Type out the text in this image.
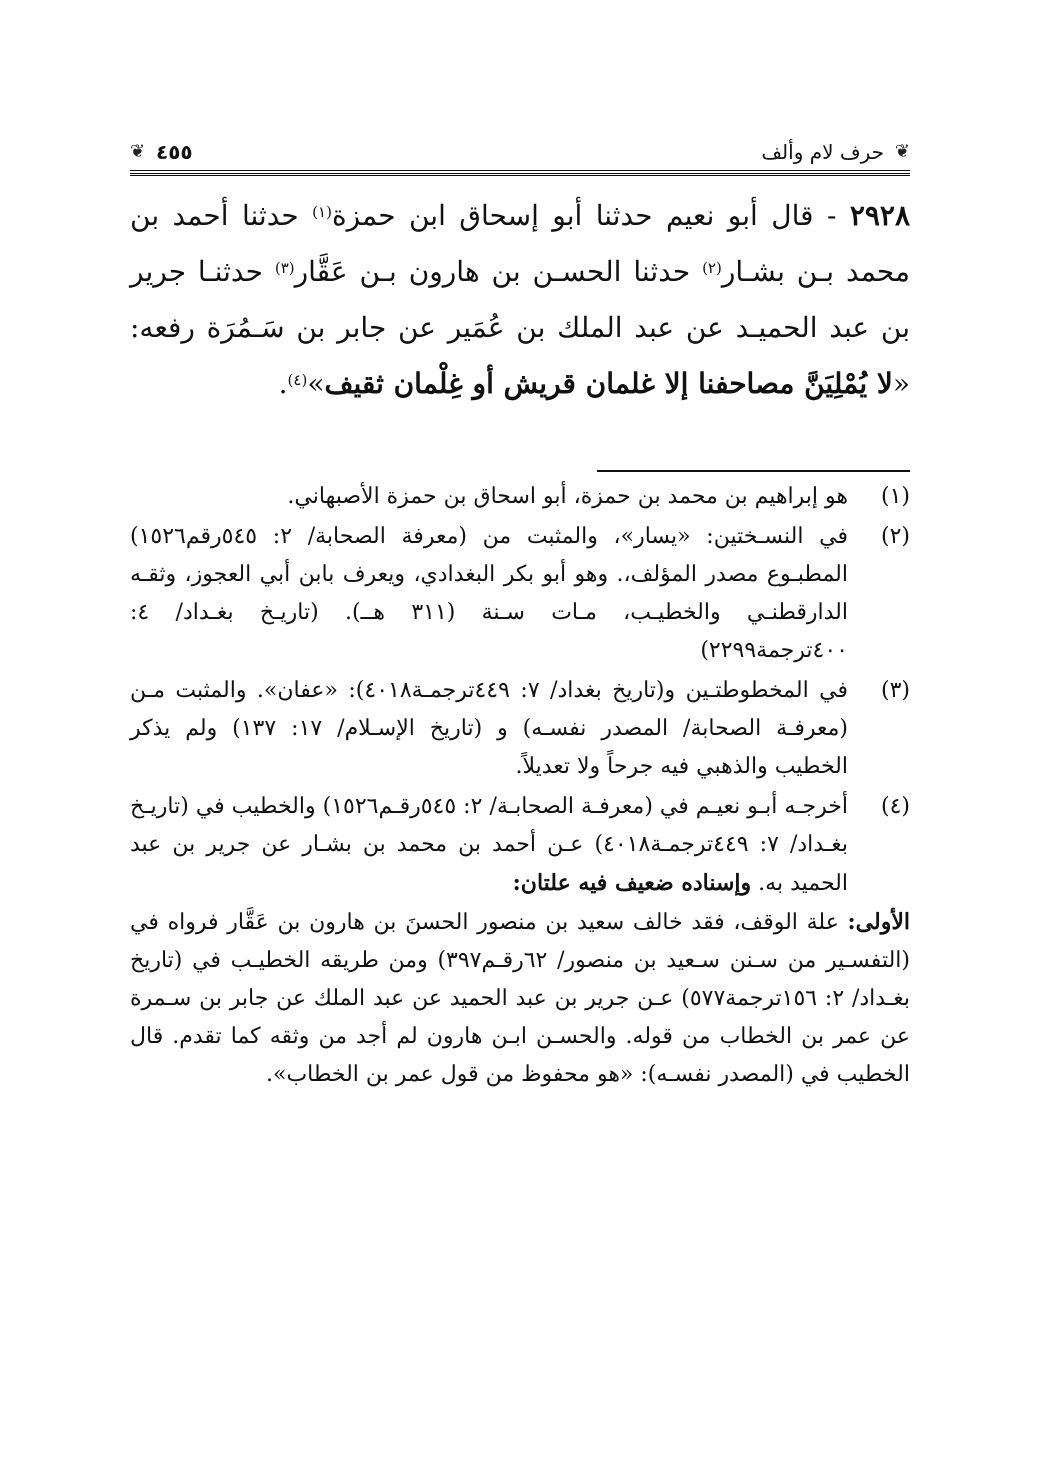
❦
حرف لام وألف
٤٥٥
❦
٢٩٢٨ - قال أبو نعيم حدثنا أبو إسحاق ابن حمزة$^{(١)}$ حدثنا أحمد بن محمد بـن بشـار$^{(٢)}$ حدثنا الحسـن بن هارون بـن عَقَّار$^{(٣)}$ حدثنـا جرير بن عبد الحميـد عن عبد الملك بن عُمَير عن جابر بن سَـمُرَة رفعه: «لا يُمْلِيَنَّ مصاحفنا إلا غلمان قريش أو غِلْمان ثقيف»$^{(٤)}$.
(١)
هو إبراهيم بن محمد بن حمزة، أبو اسحاق بن حمزة الأصبهاني.
(٢)
في النسـختين: «يسار»، والمثبت من (معرفة الصحابة/ ٢: ٥٤٥رقم١٥٢٦) المطبـوع مصدر المؤلف،. وهو أبو بكر البغدادي، ويعرف بابن أبي العجوز، وثقـه الدارقطنـي والخطيـب، مـات سـنة (٣١١ هــ). (تاريـخ بغـداد/ ٤: ٤٠٠ترجمة٢٢٩٩)
(٣)
في المخطوطتـين و(تاريخ بغداد/ ٧: ٤٤٩ترجمـة٤٠١٨): «عفان». والمثبت مـن (معرفـة الصحابة/ المصدر نفسـه) و (تاريخ الإسـلام/ ١٧: ١٣٧) ولم يذكر الخطيب والذهبي فيه جرحاً ولا تعديلاً.
(٤)
أخرجـه أبـو نعيـم في (معرفـة الصحابـة/ ٢: ٥٤٥رقـم١٥٢٦) والخطيب في (تاريـخ بغـداد/ ٧: ٤٤٩ترجمـة٤٠١٨) عـن أحمد بن محمد بن بشـار عن جرير بن عبد الحميد به. وإسناده ضعيف فيه علتان:
الأولى: علة الوقف، فقد خالف سعيد بن منصور الحسنَ بن هارون بن عَقَّار فرواه في (التفسـير من سـنن سـعيد بن منصور/ ٦٢رقـم٣٩٧) ومن طريقه الخطيـب في (تاريخ بغـداد/ ٢: ١٥٦ترجمة٥٧٧) عـن جرير بن عبد الحميد عن عبد الملك عن جابر بن سـمرة عن عمر بن الخطاب من قوله. والحسـن ابـن هارون لم أجد من وثقه كما تقدم. قال الخطيب في (المصدر نفسـه): «هو محفوظ من قول عمر بن الخطاب».
